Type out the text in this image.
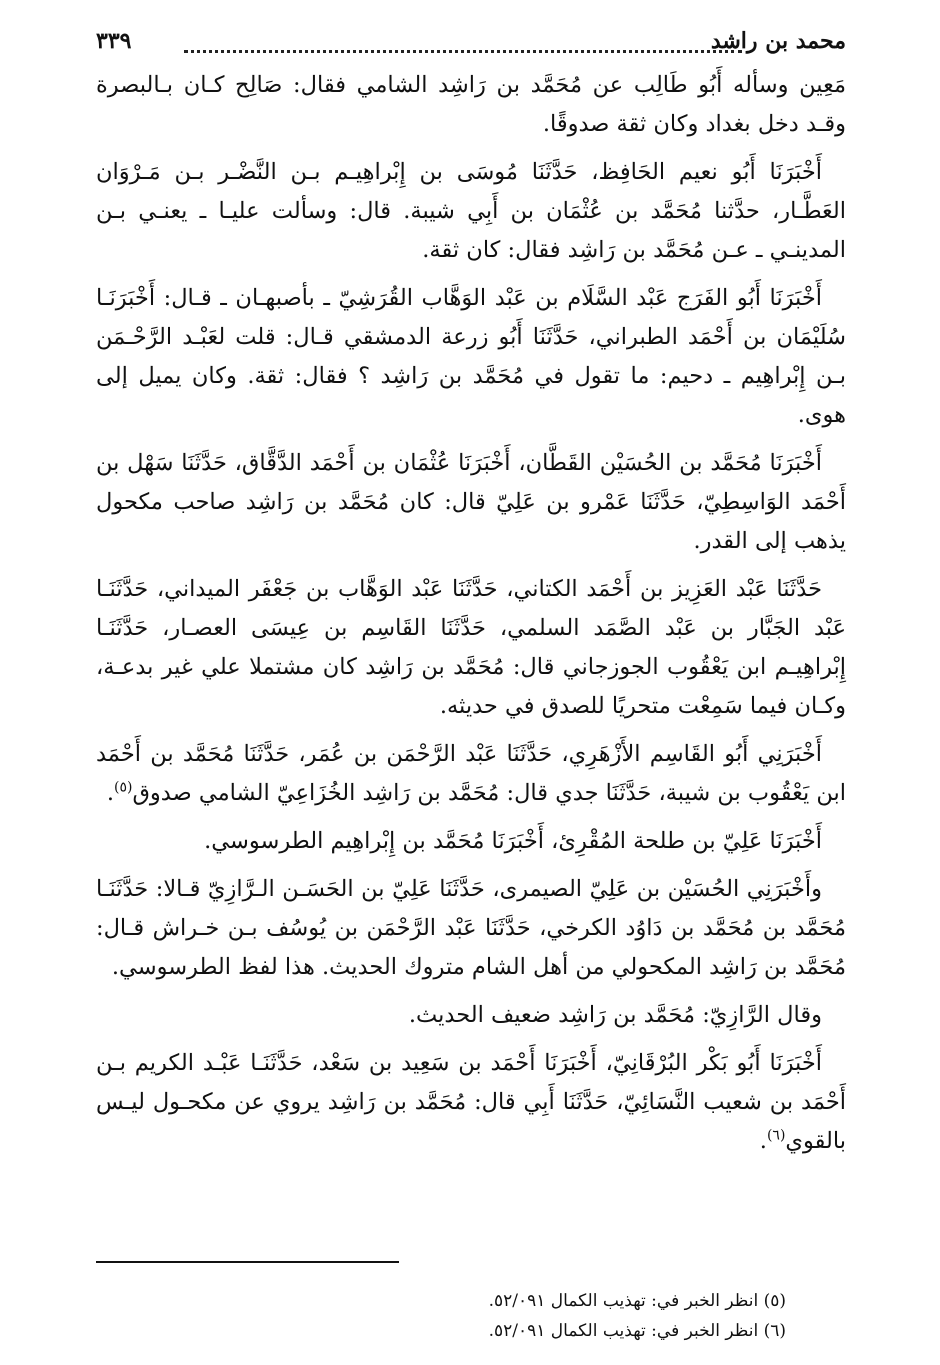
محمد بن راشد
٣٣٩

مَعِين وسأله أَبُو طَالِب عن مُحَمَّد بن رَاشِد الشامي فقال: صَالِح كـان بـالبصرة وقـد دخل بغداد وكان ثقة صدوقًا.

أَخْبَرَنَا أَبُو نعيم الحَافِظ، حَدَّثَنَا مُوسَى بن إِبْراهِيـم بـن النَّضْـر بـن مَـرْوَان العَطَّـار، حدَّثنا مُحَمَّد بن عُثْمَان بن أَبِي شيبة. قال: وسألت عليـا ـ يعنـي بـن المدينـي ـ عـن مُحَمَّد بن رَاشِد فقال: كان ثقة.

أَخْبَرَنَا أَبُو الفَرَج عَبْد السَّلَام بن عَبْد الوَهَّاب القُرَشِيّ ـ بأصبهـان ـ قـال: أَخْبَرَنَـا سُلَيْمَان بن أَحْمَد الطبراني، حَدَّثَنَا أَبُو زرعة الدمشقي قـال: قلت لعَبْـد الرَّحْـمَن بـن إِبْراهِيم ـ دحيم: ما تقول في مُحَمَّد بن رَاشِد ؟ فقال: ثقة. وكان يميل إلى هوى.

أَخْبَرَنَا مُحَمَّد بن الحُسَيْن القَطَّان، أَخْبَرَنَا عُثْمَان بن أَحْمَد الدَّقَّاق، حَدَّثَنَا سَهْل بن أَحْمَد الوَاسِطِيّ، حَدَّثَنَا عَمْرو بن عَلِيّ قال: كان مُحَمَّد بن رَاشِد صاحب مكحول يذهب إلى القدر.

حَدَّثَنَا عَبْد العَزِيز بن أَحْمَد الكتاني، حَدَّثَنَا عَبْد الوَهَّاب بن جَعْفَر الميداني، حَدَّثَنَـا عَبْد الجَبَّار بن عَبْد الصَّمَد السلمي، حَدَّثَنَا القَاسِم بن عِيسَى العصـار، حَدَّثَنَـا إِبْراهِيـم ابن يَعْقُوب الجوزجاني قال: مُحَمَّد بن رَاشِد كان مشتملا علي غير بدعـة، وكـان فيما سَمِعْت متحريًا للصدق في حديثه.

أَخْبَرَنِي أَبُو القَاسِم الأَزْهَرِي، حَدَّثَنَا عَبْد الرَّحْمَن بن عُمَر، حَدَّثَنَا مُحَمَّد بن أَحْمَد ابن يَعْقُوب بن شيبة، حَدَّثَنَا جدي قال: مُحَمَّد بن رَاشِد الخُزَاعِيّ الشامي صدوق$^{(٥)}$.

أَخْبَرَنَا عَلِيّ بن طلحة المُقْرِئ، أَخْبَرَنَا مُحَمَّد بن إِبْراهِيم الطرسوسي.

وأَخْبَرَنِي الحُسَيْن بن عَلِيّ الصيمرى، حَدَّثَنَا عَلِيّ بن الحَسَـن الـرَّازِيّ قـالا: حَدَّثَنَـا مُحَمَّد بن مُحَمَّد بن دَاوُد الكرخي، حَدَّثَنَا عَبْد الرَّحْمَن بن يُوسُف بـن خـراش قـال: مُحَمَّد بن رَاشِد المكحولي من أهل الشام متروك الحديث. هذا لفظ الطرسوسي.

وقال الرَّازِيّ: مُحَمَّد بن رَاشِد ضعيف الحديث.

أَخْبَرَنَا أَبُو بَكْر البُرْقَانِيّ، أَخْبَرَنَا أَحْمَد بن سَعِيد بن سَعْد، حَدَّثَنَـا عَبْـد الكريم بـن أَحْمَد بن شعيب النَّسَائِيّ، حَدَّثَنَا أَبِي قال: مُحَمَّد بن رَاشِد يروي عن مكحـول ليـس بالقوي$^{(٦)}$.

(٥) انظر الخبر في: تهذيب الكمال ٥٢/٠٩١.
(٦) انظر الخبر في: تهذيب الكمال ٥٢/٠٩١.
